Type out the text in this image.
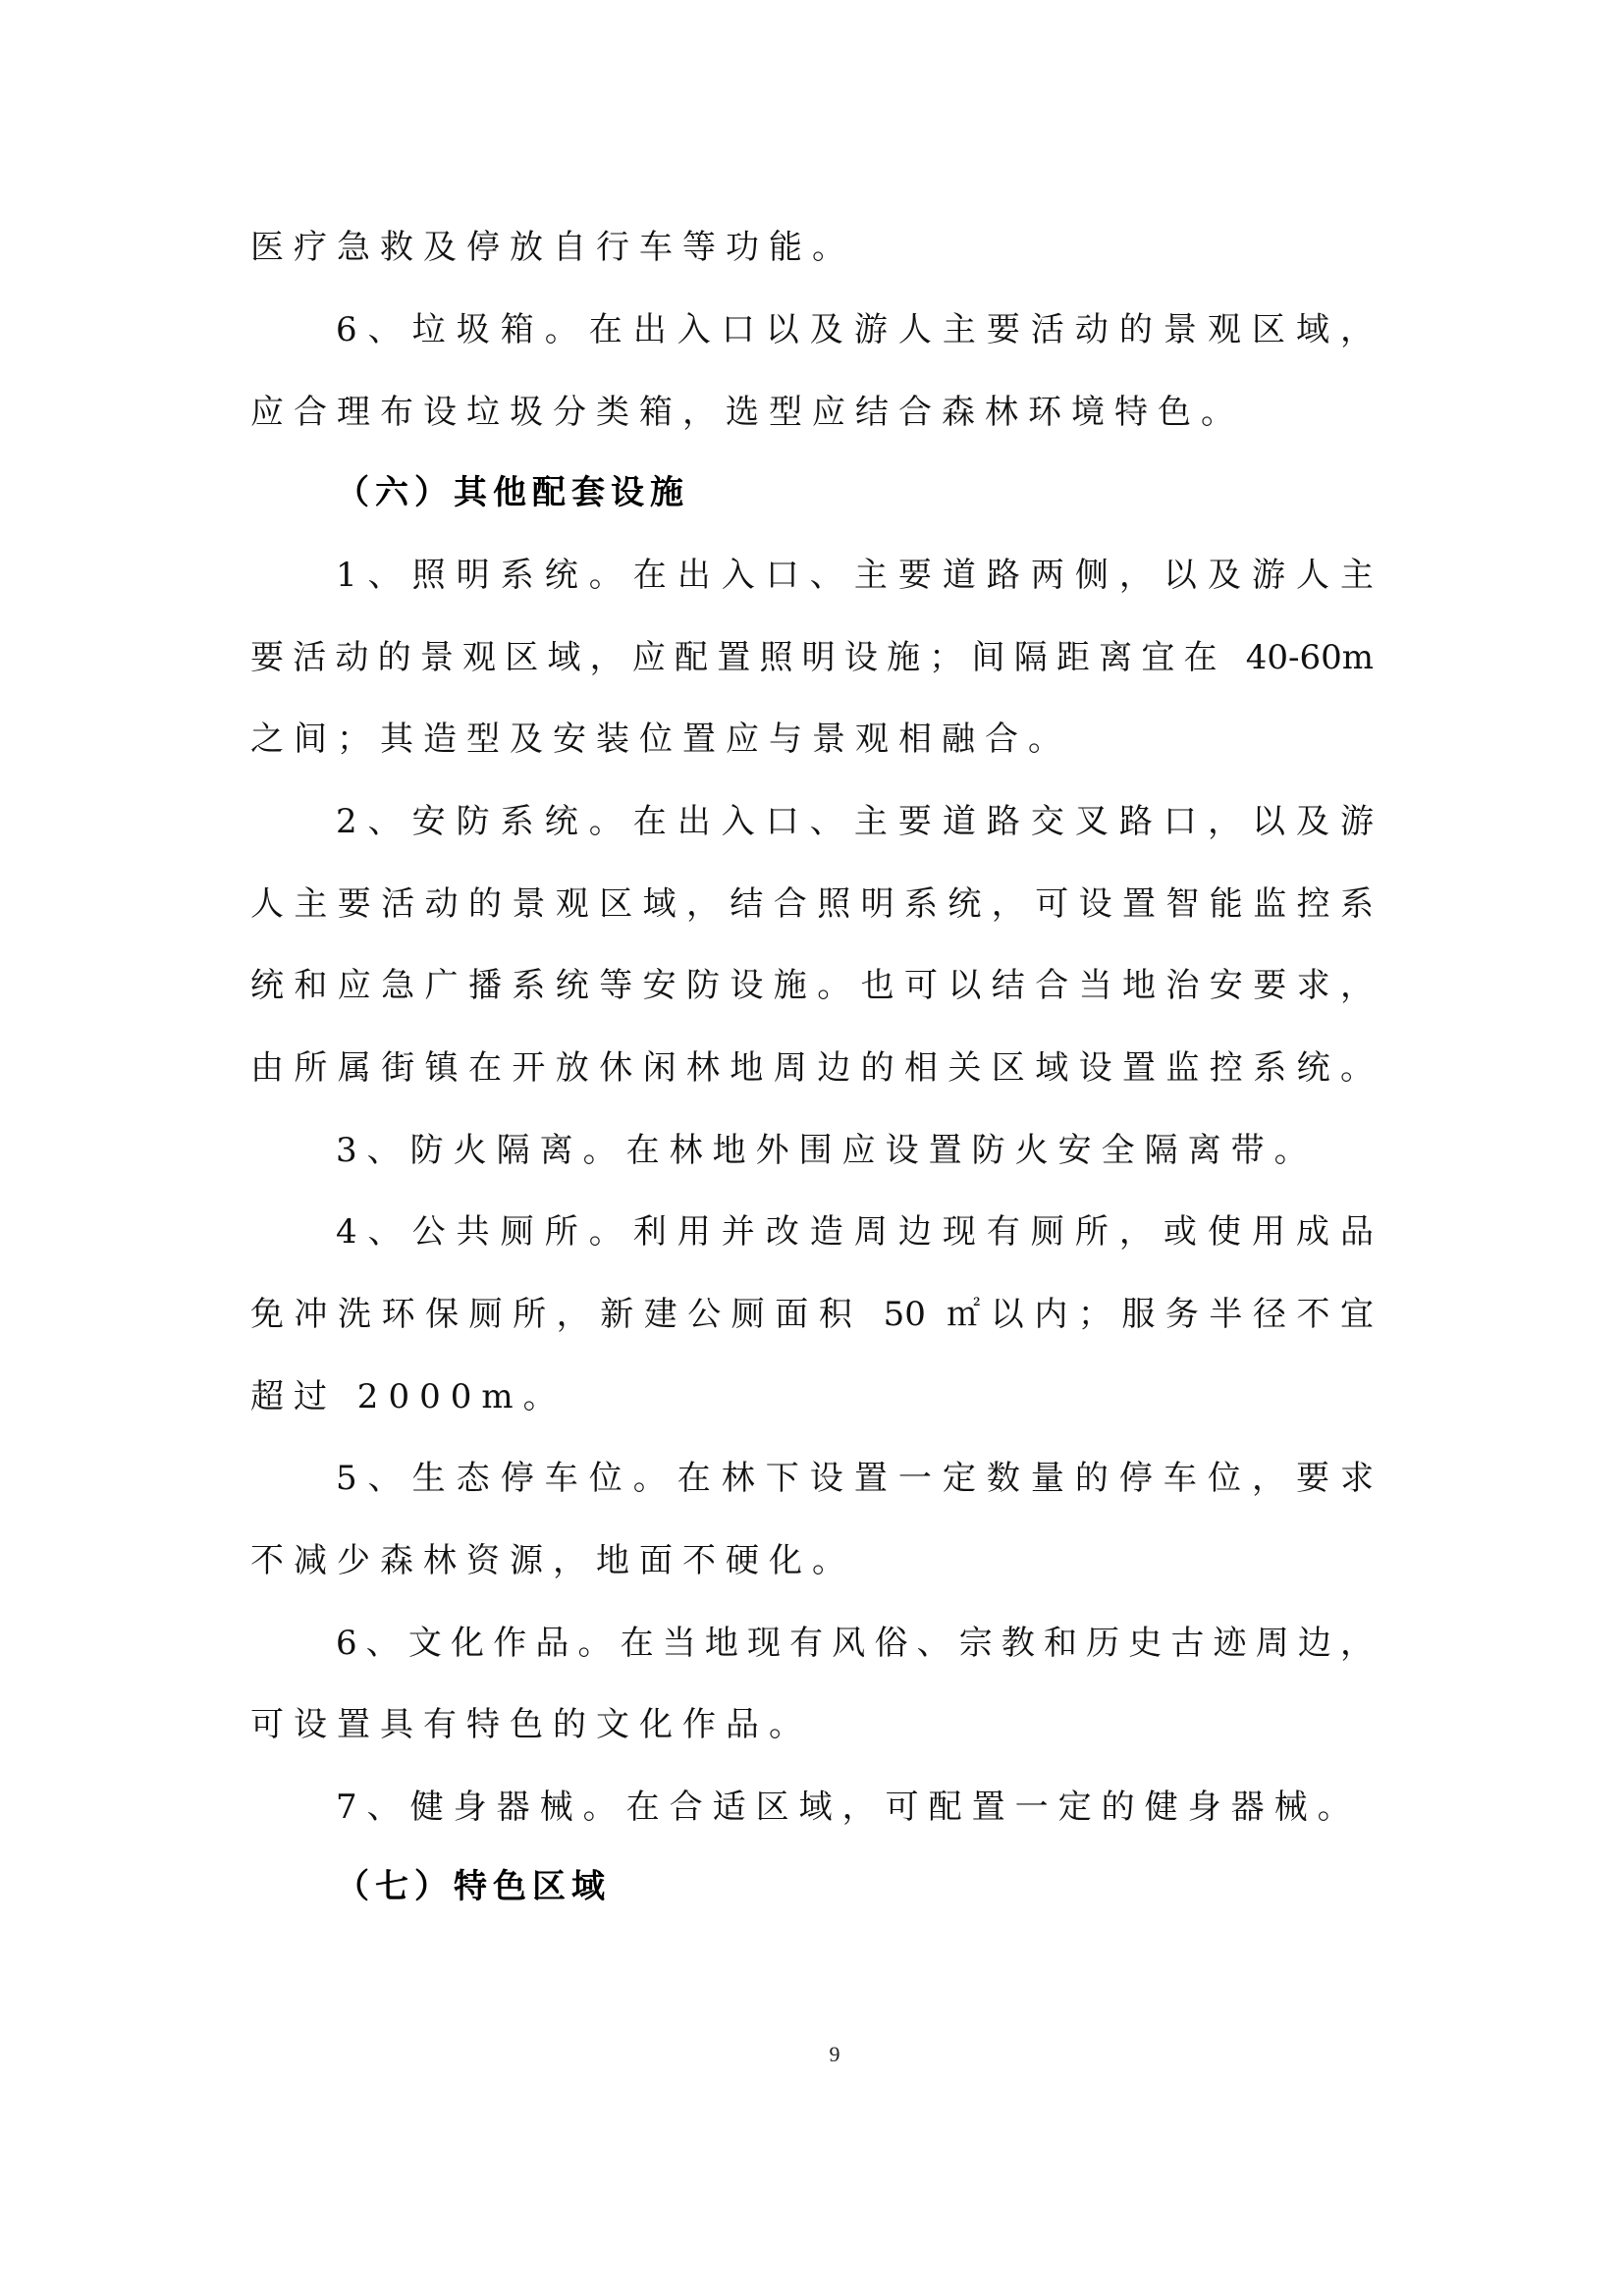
医疗急救及停放自行车等功能。
6、垃圾箱。在出入口以及游人主要活动的景观区域，
应合理布设垃圾分类箱，选型应结合森林环境特色。
（六）其他配套设施
1、照明系统。在出入口、主要道路两侧，以及游人主
要活动的景观区域，应配置照明设施；间隔距离宜在 40-60m
之间；其造型及安装位置应与景观相融合。
2、安防系统。在出入口、主要道路交叉路口，以及游
人主要活动的景观区域，结合照明系统，可设置智能监控系
统和应急广播系统等安防设施。也可以结合当地治安要求，
由所属街镇在开放休闲林地周边的相关区域设置监控系统。
3、防火隔离。在林地外围应设置防火安全隔离带。
4、公共厕所。利用并改造周边现有厕所，或使用成品
免冲洗环保厕所，新建公厕面积 50 ㎡以内；服务半径不宜
超过 2000m。
5、生态停车位。在林下设置一定数量的停车位，要求
不减少森林资源，地面不硬化。
6、文化作品。在当地现有风俗、宗教和历史古迹周边，
可设置具有特色的文化作品。
7、健身器械。在合适区域，可配置一定的健身器械。
（七）特色区域
9
